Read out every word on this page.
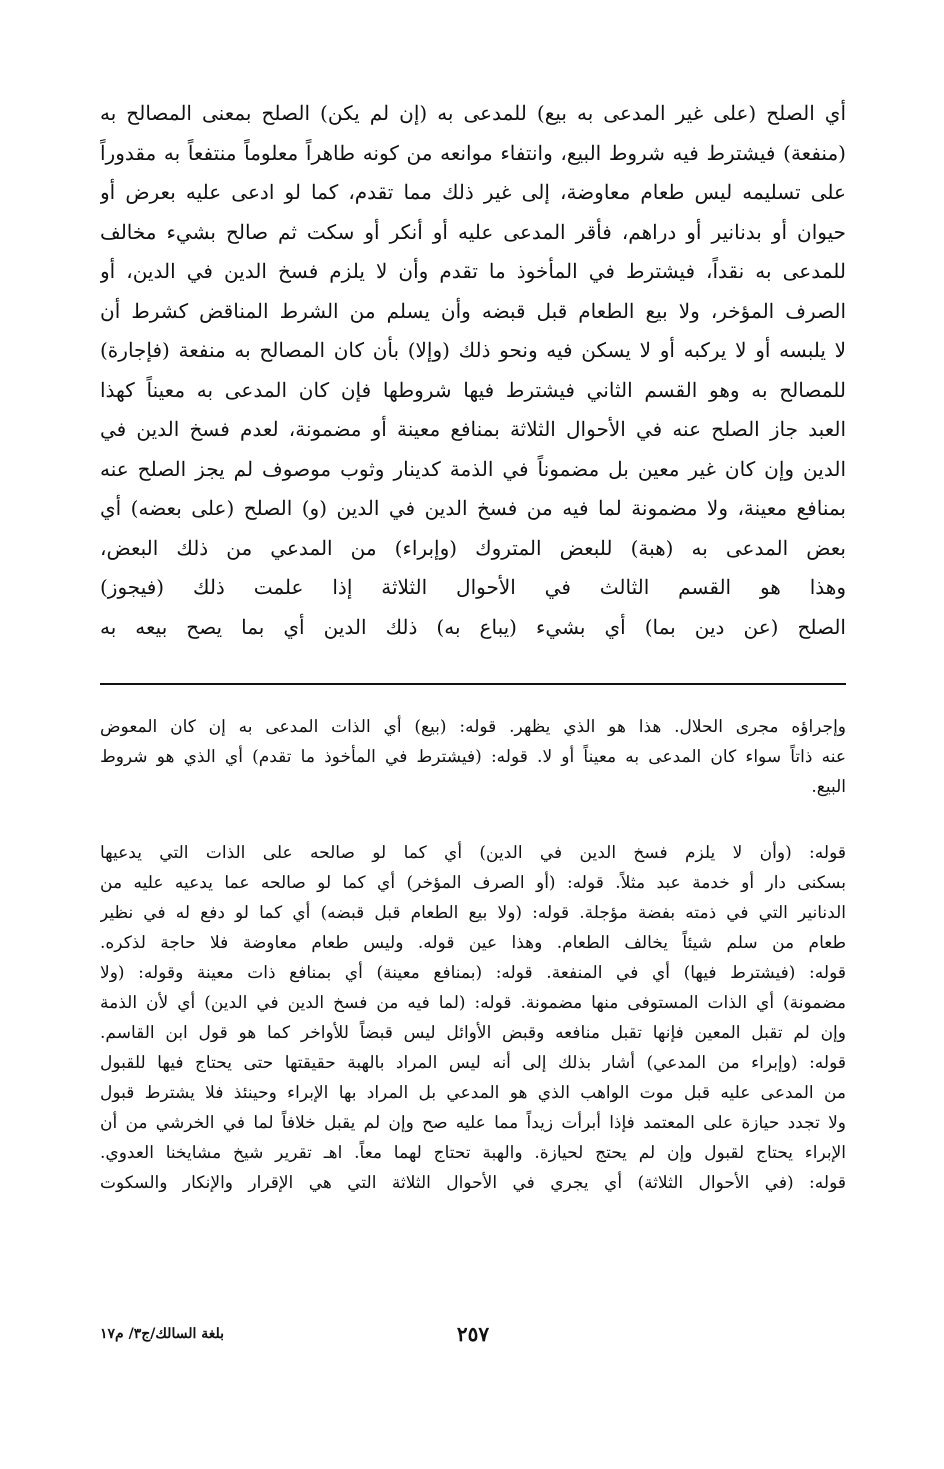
أي الصلح (على غير المدعى به بيع) للمدعى به (إن لم يكن) الصلح بمعنى المصالح به
(منفعة) فيشترط فيه شروط البيع، وانتفاء موانعه من كونه طاهراً معلوماً منتفعاً به مقدوراً
على تسليمه ليس طعام معاوضة، إلى غير ذلك مما تقدم، كما لو ادعى عليه بعرض أو
حيوان أو بدنانير أو دراهم، فأقر المدعى عليه أو أنكر أو سكت ثم صالح بشيء مخالف
للمدعى به نقداً، فيشترط في المأخوذ ما تقدم وأن لا يلزم فسخ الدين في الدين، أو
الصرف المؤخر، ولا بيع الطعام قبل قبضه وأن يسلم من الشرط المناقض كشرط أن
لا يلبسه أو لا يركبه أو لا يسكن فيه ونحو ذلك (وإلا) بأن كان المصالح به منفعة (فإجارة)
للمصالح به وهو القسم الثاني فيشترط فيها شروطها فإن كان المدعى به معيناً كهذا
العبد جاز الصلح عنه في الأحوال الثلاثة بمنافع معينة أو مضمونة، لعدم فسخ الدين في
الدين وإن كان غير معين بل مضموناً في الذمة كدينار وثوب موصوف لم يجز الصلح عنه
بمنافع معينة، ولا مضمونة لما فيه من فسخ الدين في الدين (و) الصلح (على بعضه) أي
بعض المدعى به (هبة) للبعض المتروك (وإبراء) من المدعي من ذلك البعض،
وهذا هو القسم الثالث في الأحوال الثلاثة إذا علمت ذلك (فيجوز)
الصلح (عن دين بما) أي بشيء (يباع به) ذلك الدين أي بما يصح بيعه به
وإجراؤه مجرى الحلال. هذا هو الذي يظهر. قوله: (بيع) أي الذات المدعى به إن كان المعوض
عنه ذاتاً سواء كان المدعى به معيناً أو لا. قوله: (فيشترط في المأخوذ ما تقدم) أي الذي هو شروط
البيع.
قوله: (وأن لا يلزم فسخ الدين في الدين) أي كما لو صالحه على الذات التي يدعيها
بسكنى دار أو خدمة عبد مثلاً. قوله: (أو الصرف المؤخر) أي كما لو صالحه عما يدعيه عليه من
الدنانير التي في ذمته بفضة مؤجلة. قوله: (ولا بيع الطعام قبل قبضه) أي كما لو دفع له في نظير
طعام من سلم شيئاً يخالف الطعام. وهذا عين قوله. وليس طعام معاوضة فلا حاجة لذكره.
قوله: (فيشترط فيها) أي في المنفعة. قوله: (بمنافع معينة) أي بمنافع ذات معينة وقوله: (ولا
مضمونة) أي الذات المستوفى منها مضمونة. قوله: (لما فيه من فسخ الدين في الدين) أي لأن الذمة
وإن لم تقبل المعين فإنها تقبل منافعه وقبض الأوائل ليس قبضاً للأواخر كما هو قول ابن القاسم.
قوله: (وإبراء من المدعي) أشار بذلك إلى أنه ليس المراد بالهبة حقيقتها حتى يحتاج فيها للقبول
من المدعى عليه قبل موت الواهب الذي هو المدعي بل المراد بها الإبراء وحينئذ فلا يشترط قبول
ولا تجدد حيازة على المعتمد فإذا أبرأت زيداً مما عليه صح وإن لم يقبل خلافاً لما في الخرشي من أن
الإبراء يحتاج لقبول وإن لم يحتج لحيازة. والهبة تحتاج لهما معاً. اهـ تقرير شيخ مشايخنا العدوي.
قوله: (في الأحوال الثلاثة) أي يجري في الأحوال الثلاثة التي هي الإقرار والإنكار والسكوت
٢٥٧
بلغة السالك/ج٣/ م١٧
